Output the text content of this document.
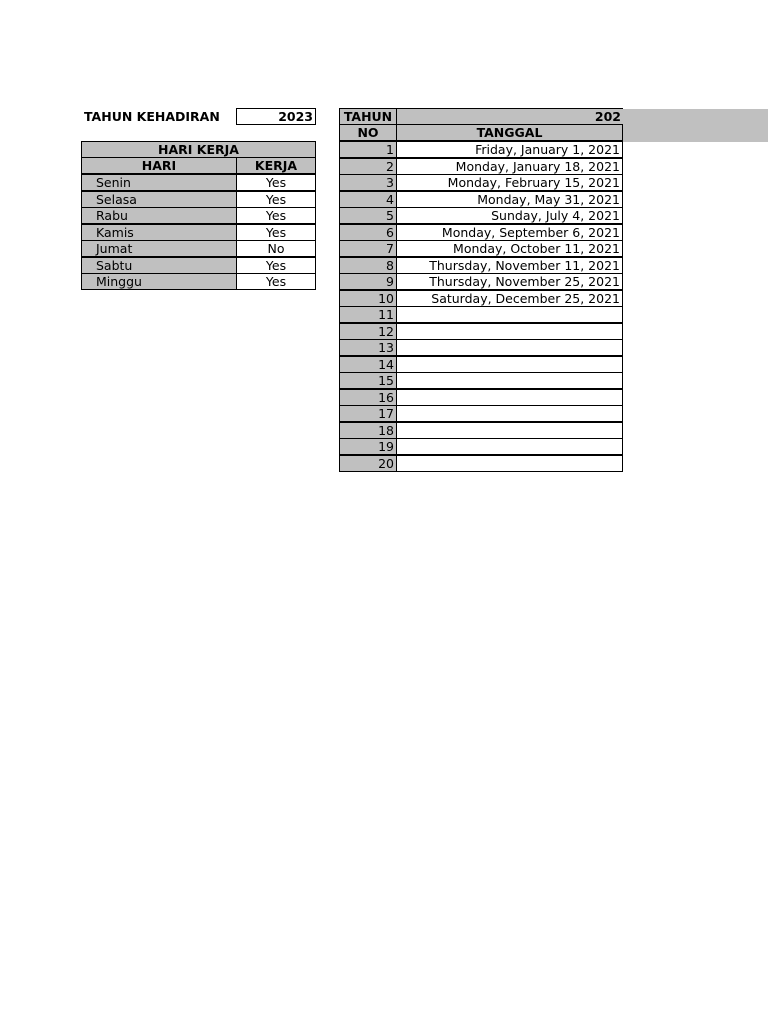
TAHUN KEHADIRAN	2023
HARI KERJA
HARI	KERJA
Senin	Yes
Selasa	Yes
Rabu	Yes
Kamis	Yes
Jumat	No
Sabtu	Yes
Minggu	Yes
TAHUN	202
NO	TANGGAL
1	Friday, January 1, 2021
2	Monday, January 18, 2021
3	Monday, February 15, 2021
4	Monday, May 31, 2021
5	Sunday, July 4, 2021
6	Monday, September 6, 2021
7	Monday, October 11, 2021
8	Thursday, November 11, 2021
9	Thursday, November 25, 2021
10	Saturday, December 25, 2021
11
12
13
14
15
16
17
18
19
20
